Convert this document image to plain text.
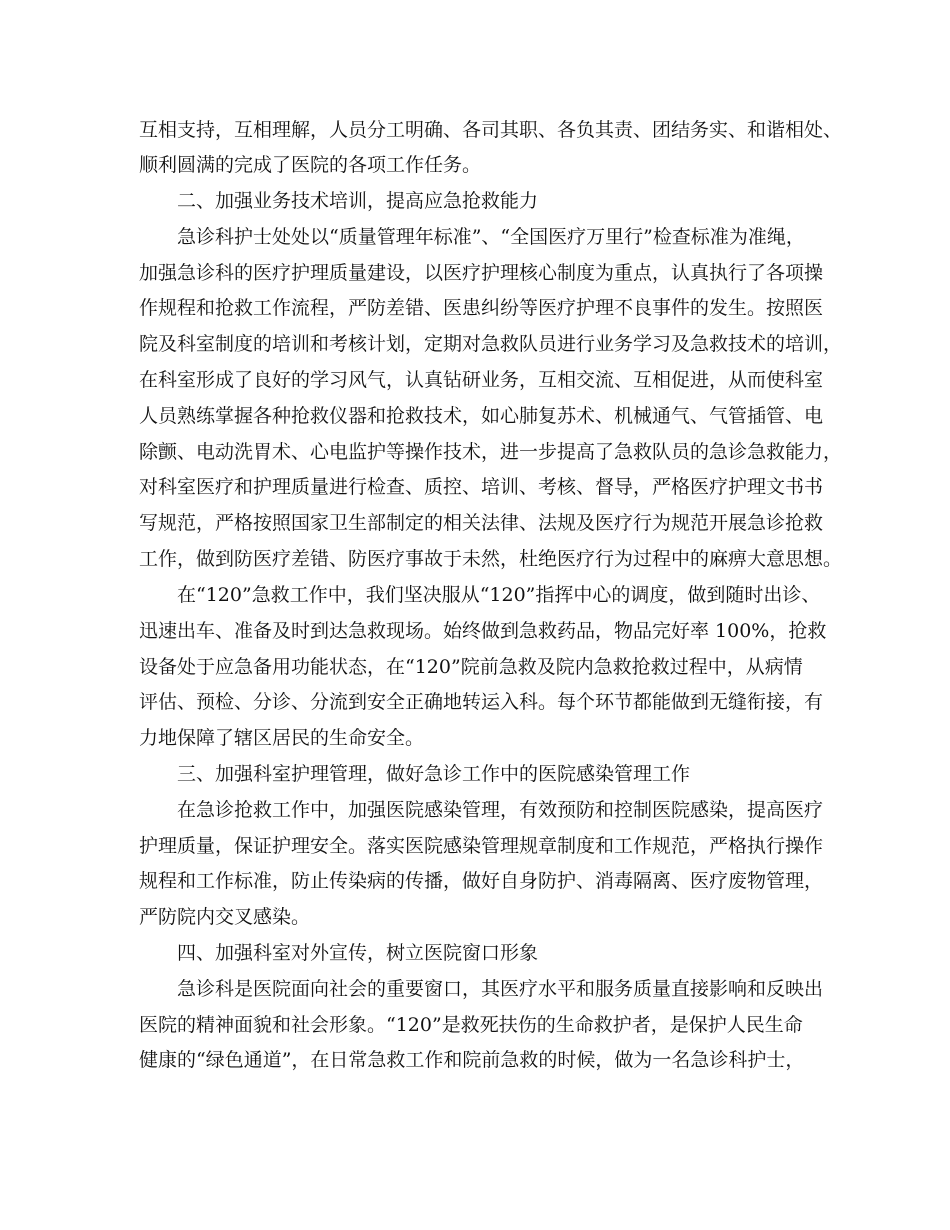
互相支持，互相理解，人员分工明确、各司其职、各负其责、团结务实、和谐相处、
顺利圆满的完成了医院的各项工作任务。
二、加强业务技术培训，提高应急抢救能力
急诊科护士处处以“质量管理年标准”、“全国医疗万里行”检查标准为准绳，
加强急诊科的医疗护理质量建设，以医疗护理核心制度为重点，认真执行了各项操
作规程和抢救工作流程，严防差错、医患纠纷等医疗护理不良事件的发生。按照医
院及科室制度的培训和考核计划，定期对急救队员进行业务学习及急救技术的培训，
在科室形成了良好的学习风气，认真钻研业务，互相交流、互相促进，从而使科室
人员熟练掌握各种抢救仪器和抢救技术，如心肺复苏术、机械通气、气管插管、电
除颤、电动洗胃术、心电监护等操作技术，进一步提高了急救队员的急诊急救能力，
对科室医疗和护理质量进行检查、质控、培训、考核、督导，严格医疗护理文书书
写规范，严格按照国家卫生部制定的相关法律、法规及医疗行为规范开展急诊抢救
工作，做到防医疗差错、防医疗事故于未然，杜绝医疗行为过程中的麻痹大意思想。
在“120”急救工作中，我们坚决服从“120”指挥中心的调度，做到随时出诊、
迅速出车、准备及时到达急救现场。始终做到急救药品，物品完好率 100%，抢救
设备处于应急备用功能状态，在“120”院前急救及院内急救抢救过程中，从病情
评估、预检、分诊、分流到安全正确地转运入科。每个环节都能做到无缝衔接，有
力地保障了辖区居民的生命安全。
三、加强科室护理管理，做好急诊工作中的医院感染管理工作
在急诊抢救工作中，加强医院感染管理，有效预防和控制医院感染，提高医疗
护理质量，保证护理安全。落实医院感染管理规章制度和工作规范，严格执行操作
规程和工作标准，防止传染病的传播，做好自身防护、消毒隔离、医疗废物管理，
严防院内交叉感染。
四、加强科室对外宣传，树立医院窗口形象
急诊科是医院面向社会的重要窗口，其医疗水平和服务质量直接影响和反映出
医院的精神面貌和社会形象。“120”是救死扶伤的生命救护者，是保护人民生命
健康的“绿色通道”，在日常急救工作和院前急救的时候，做为一名急诊科护士，
